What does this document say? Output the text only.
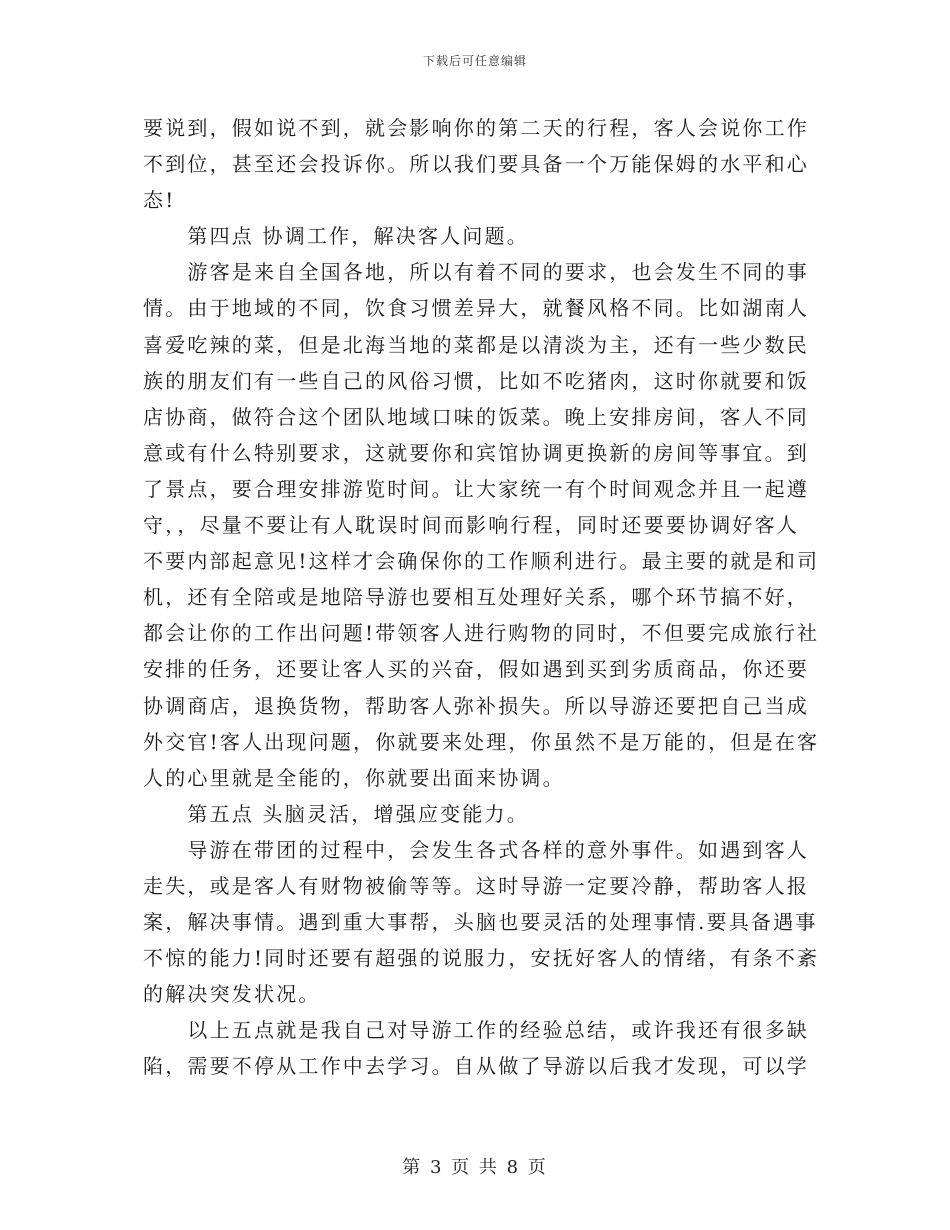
下载后可任意编辑
要说到，假如说不到，就会影响你的第二天的行程，客人会说你工作
不到位，甚至还会投诉你。所以我们要具备一个万能保姆的水平和心
态!
　　第四点 协调工作，解决客人问题。
　　游客是来自全国各地，所以有着不同的要求，也会发生不同的事
情。由于地域的不同，饮食习惯差异大，就餐风格不同。比如湖南人
喜爱吃辣的菜，但是北海当地的菜都是以清淡为主，还有一些少数民
族的朋友们有一些自己的风俗习惯，比如不吃猪肉，这时你就要和饭
店协商，做符合这个团队地域口味的饭菜。晚上安排房间，客人不同
意或有什么特别要求，这就要你和宾馆协调更换新的房间等事宜。到
了景点，要合理安排游览时间。让大家统一有个时间观念并且一起遵
守，，尽量不要让有人耽误时间而影响行程，同时还要要协调好客人
不要内部起意见!这样才会确保你的工作顺利进行。最主要的就是和司
机，还有全陪或是地陪导游也要相互处理好关系，哪个环节搞不好，
都会让你的工作出问题!带领客人进行购物的同时，不但要完成旅行社
安排的任务，还要让客人买的兴奋，假如遇到买到劣质商品，你还要
协调商店，退换货物，帮助客人弥补损失。所以导游还要把自己当成
外交官!客人出现问题，你就要来处理，你虽然不是万能的，但是在客
人的心里就是全能的，你就要出面来协调。
　　第五点 头脑灵活，增强应变能力。
　　导游在带团的过程中，会发生各式各样的意外事件。如遇到客人
走失，或是客人有财物被偷等等。这时导游一定要冷静，帮助客人报
案，解决事情。遇到重大事帮，头脑也要灵活的处理事情.要具备遇事
不惊的能力!同时还要有超强的说服力，安抚好客人的情绪，有条不紊
的解决突发状况。
　　以上五点就是我自己对导游工作的经验总结，或许我还有很多缺
陷，需要不停从工作中去学习。自从做了导游以后我才发现，可以学
第 3 页 共 8 页
